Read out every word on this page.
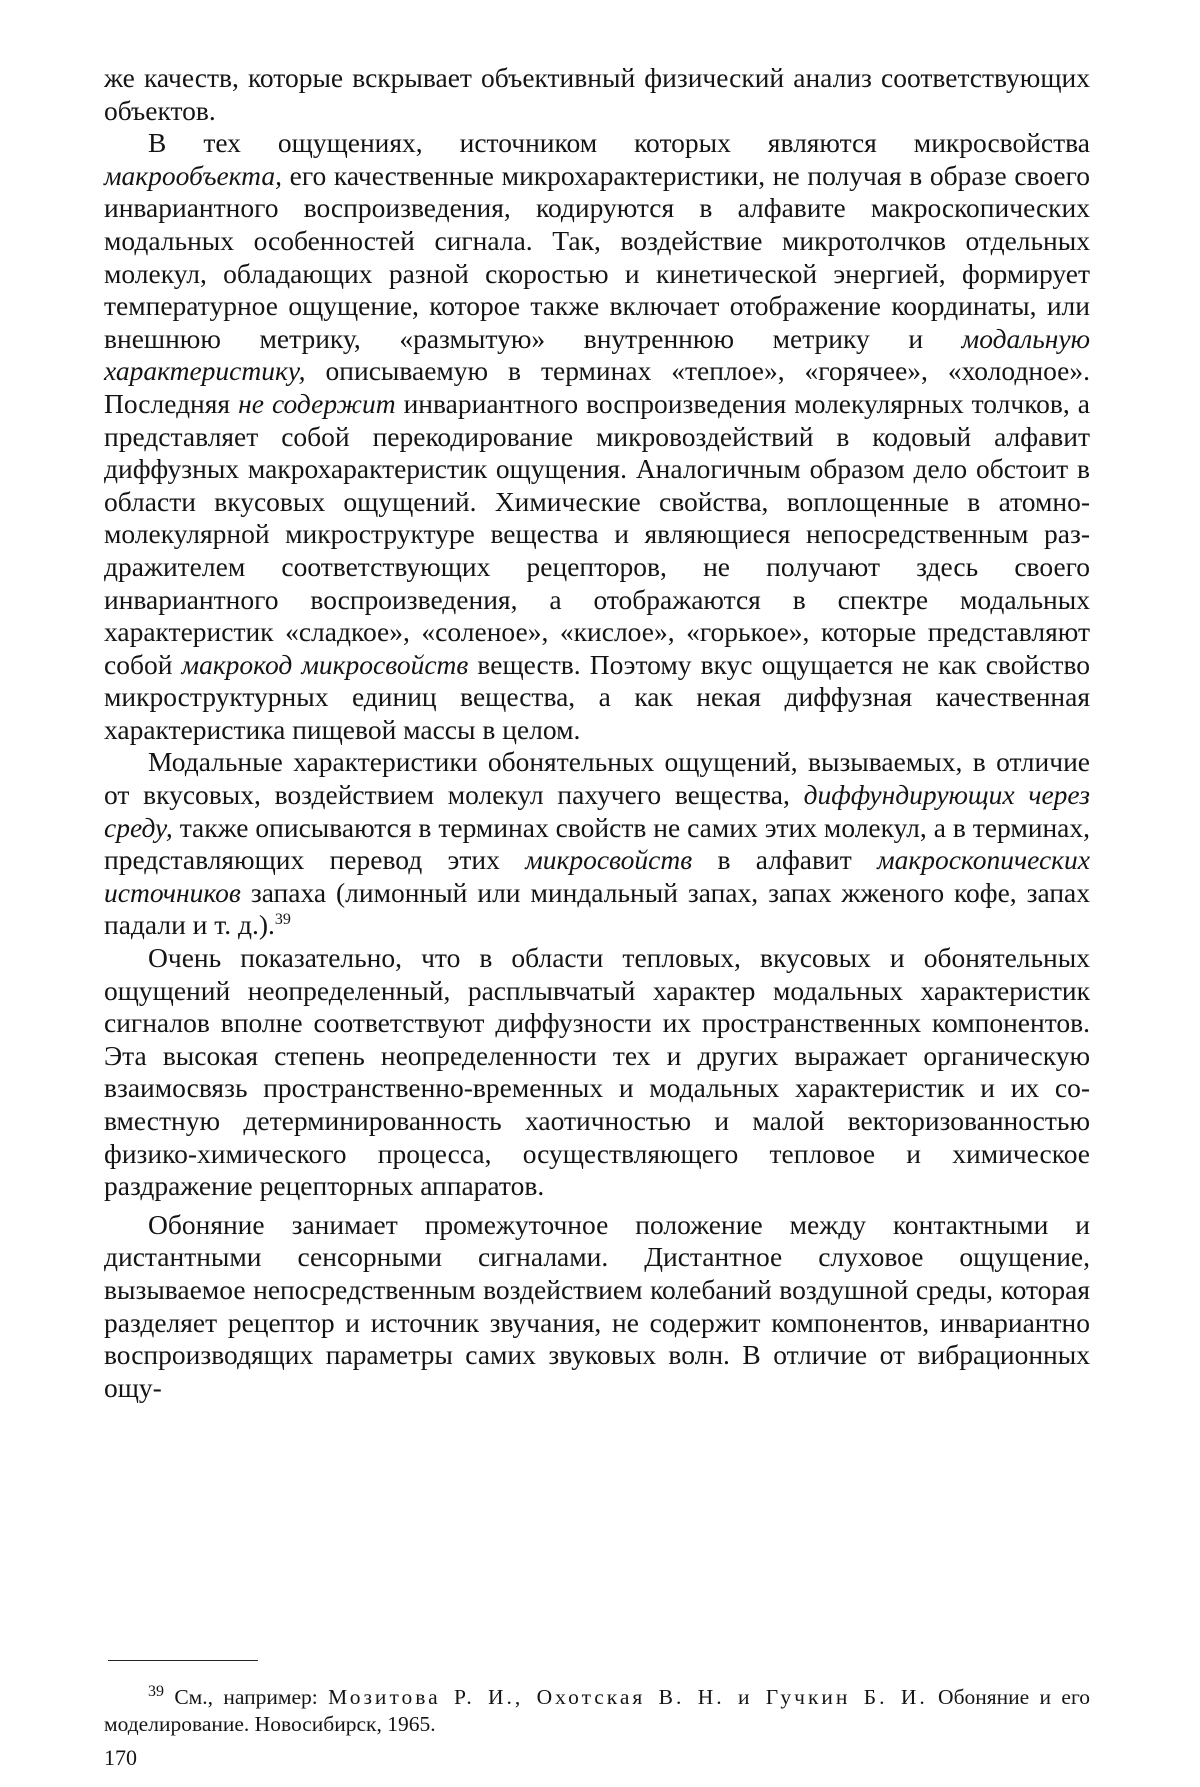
же качеств, которые вскрывает объективный физический анализ соответствующих объектов.

В тех ощущениях, источником которых являются микросвойства макрообъекта, его качественные микрохарактеристики, не получая в образе своего инвариантного воспроизведения, кодируются в алфавите макроскопических модальных особенностей сигнала. Так, воздействие микротолчков отдельных молекул, обладающих разной скоростью и кинетической энергией, формирует температурное ощущение, которое также включает отображение координаты, или внешнюю метрику, «размытую» внутреннюю метрику и модальную характеристику, описываемую в терминах «теплое», «горячее», «холодное». Последняя не содержит инвариантного воспроизведения молекулярных толчков, а представляет собой перекодирование микровоздействий в кодовый алфавит диффузных макрохарактеристик ощущения. Аналогичным образом дело обстоит в области вкусовых ощущений. Химические свойства, воплощенные в атомно-молекулярной микроструктуре вещества и являющиеся непосредственным раздражителем соответствующих рецепторов, не получают здесь своего инвариантного воспроизведения, а отображаются в спектре модальных характеристик «сладкое», «соленое», «кислое», «горькое», которые представляют собой макрокод микросвойств веществ. Поэтому вкус ощущается не как свойство микроструктурных единиц вещества, а как некая диффузная качественная характеристика пищевой массы в целом.

Модальные характеристики обонятельных ощущений, вызываемых, в отличие от вкусовых, воздействием молекул пахучего вещества, диффундирующих через среду, также описываются в терминах свойств не самих этих молекул, а в терминах, представляющих перевод этих микросвойств в алфавит макроскопических источников запаха (лимонный или миндальный запах, запах жженого кофе, запах падали и т. д.).$^{39}$

Очень показательно, что в области тепловых, вкусовых и обонятельных ощущений неопределенный, расплывчатый характер модальных характеристик сигналов вполне соответствуют диффузности их пространственных компонентов. Эта высокая степень неопределенности тех и других выражает органическую взаимосвязь пространственно-временных и модальных характеристик и их совместную детерминированность хаотичностью и малой векторизованностью физико-химического процесса, осуществляющего тепловое и химическое раздражение рецепторных аппаратов.

Обоняние занимает промежуточное положение между контактными и дистантными сенсорными сигналами. Дистантное слуховое ощущение, вызываемое непосредственным воздействием колебаний воздушной среды, которая разделяет рецептор и источник звучания, не содержит компонентов, инвариантно воспроизводящих параметры самих звуковых волн. В отличие от вибрационных ощу-

$^{39}$ См., например: Мозитова Р. И., Охотская В. Н. и Гучкин Б. И. Обоняние и его моделирование. Новосибирск, 1965.

170
